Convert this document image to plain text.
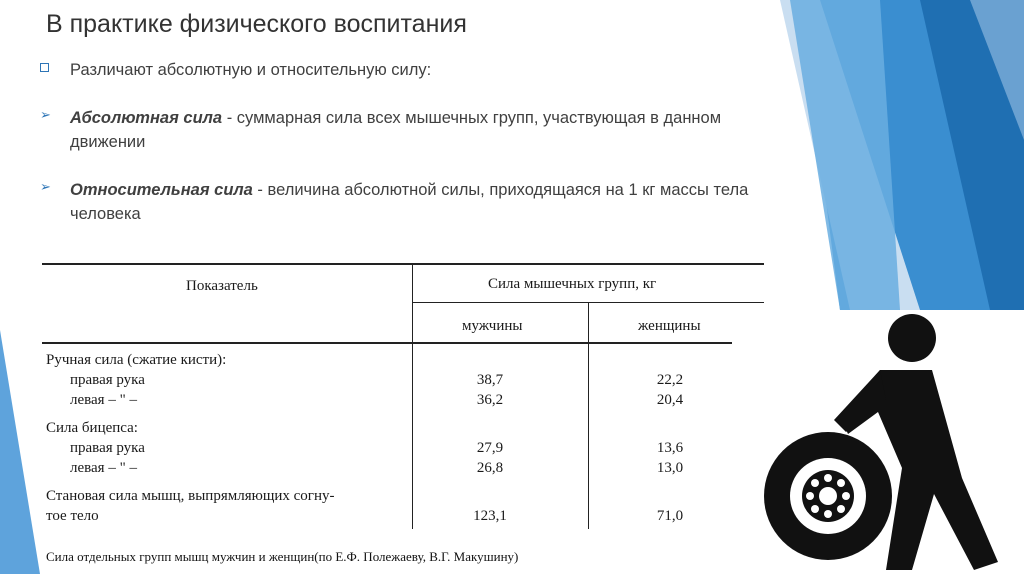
В практике физического воспитания
Различают абсолютную и относительную силу:
➢	Абсолютная сила - суммарная сила всех мышечных групп, участвующая в данном движении
➢	Относительная сила - величина абсолютной силы, приходящаяся на 1 кг массы тела человека
Показатель	Сила мышечных групп, кг
мужчины	женщины
Ручная сила (сжатие кисти):
правая рука	38,7	22,2
левая – " –	36,2	20,4
Сила бицепса:
правая рука	27,9	13,6
левая – " –	26,8	13,0
Становая сила мышц, выпрямляющих согну-
тое тело	123,1	71,0
Сила отдельных групп мышц мужчин и женщин(по Е.Ф. Полежаеву, В.Г. Макушину)
